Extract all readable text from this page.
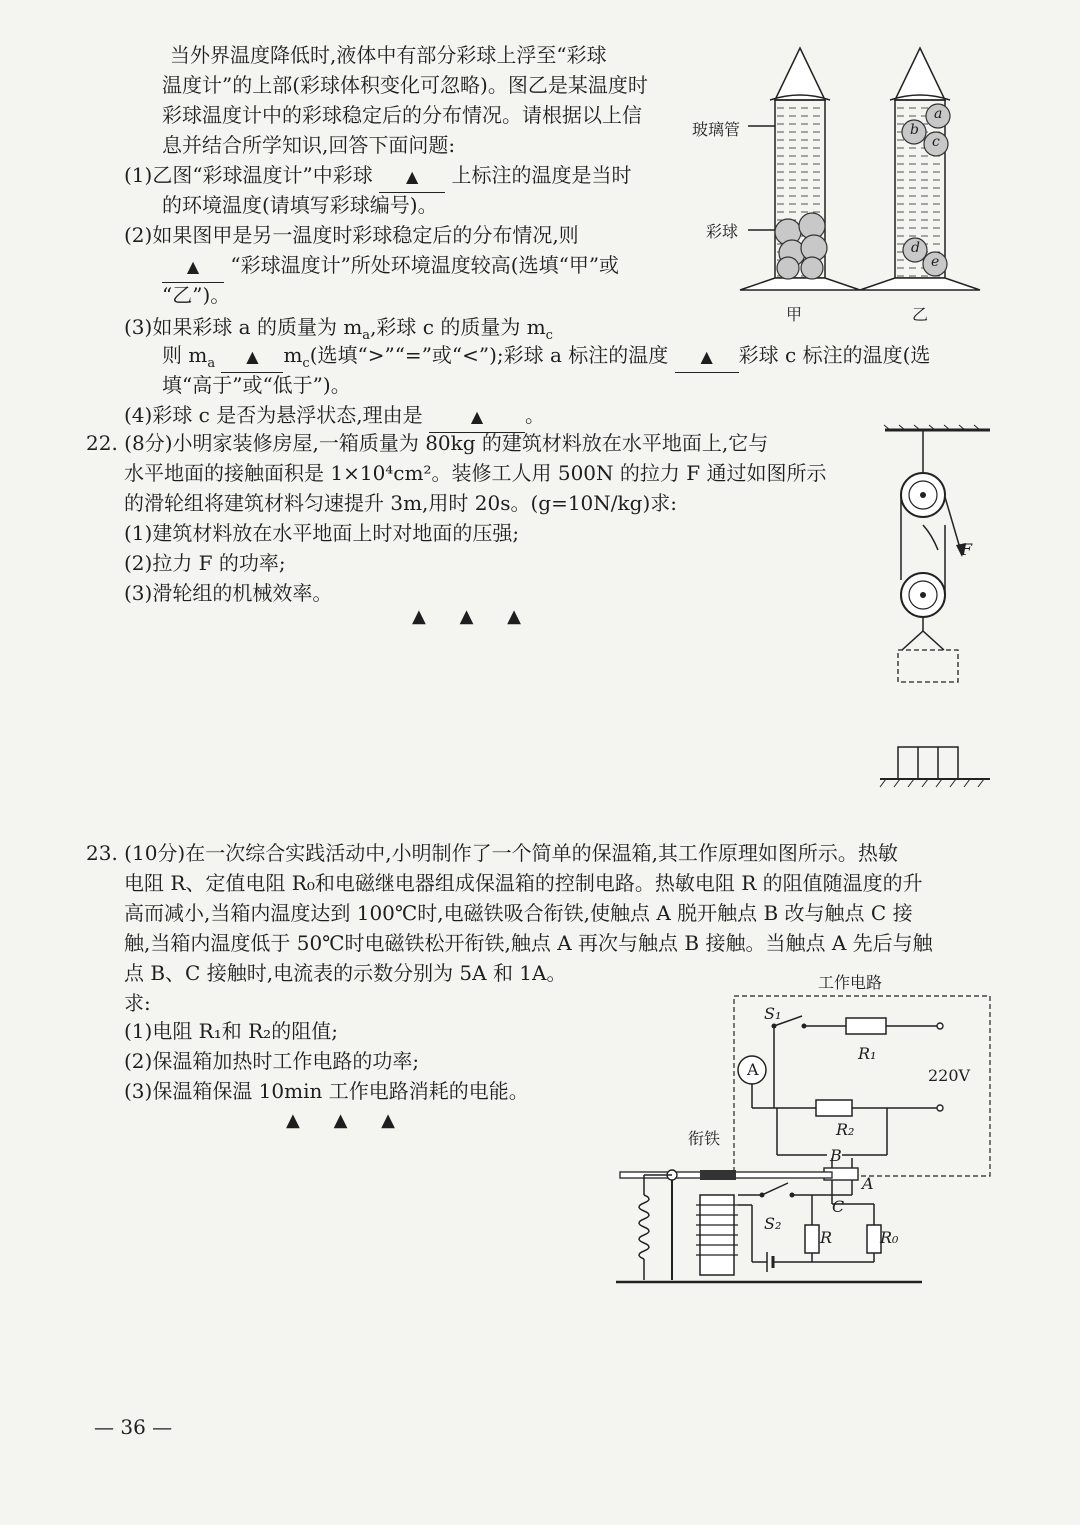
当外界温度降低时,液体中有部分彩球上浮至“彩球
温度计”的上部(彩球体积变化可忽略)。图乙是某温度时
彩球温度计中的彩球稳定后的分布情况。请根据以上信
息并结合所学知识,回答下面问题:
(1)乙图“彩球温度计”中彩球 ▲ 上标注的温度是当时
的环境温度(请填写彩球编号)。
(2)如果图甲是另一温度时彩球稳定后的分布情况,则
▲ “彩球温度计”所处环境温度较高(选填“甲”或
“乙”)。
(3)如果彩球 a 的质量为 $m_a$,彩球 c 的质量为 $m_c$
则 $m_a$ ▲ $m_c$(选填“>”“=”或“<”);彩球 a 标注的温度 ▲ 彩球 c 标注的温度(选
填“高于”或“低于”)。
(4)彩球 c 是否为悬浮状态,理由是	▲ 。
玻璃管
彩球
甲	乙
a
b
c
d
e
22. (8分)小明家装修房屋,一箱质量为 80kg 的建筑材料放在水平地面上,它与
水平地面的接触面积是 1×10⁴cm²。装修工人用 500N 的拉力 F 通过如图所示
的滑轮组将建筑材料匀速提升 3m,用时 20s。(g=10N/kg)求:
(1)建筑材料放在水平地面上时对地面的压强;
(2)拉力 F 的功率;
(3)滑轮组的机械效率。
▲ ▲ ▲
F
23. (10分)在一次综合实践活动中,小明制作了一个简单的保温箱,其工作原理如图所示。热敏
电阻 R、定值电阻 R₀和电磁继电器组成保温箱的控制电路。热敏电阻 R 的阻值随温度的升
高而减小,当箱内温度达到 100℃时,电磁铁吸合衔铁,使触点 A 脱开触点 B 改与触点 C 接
触,当箱内温度低于 50℃时电磁铁松开衔铁,触点 A 再次与触点 B 接触。当触点 A 先后与触
点 B、C 接触时,电流表的示数分别为 5A 和 1A。
求:
(1)电阻 R₁和 R₂的阻值;
(2)保温箱加热时工作电路的功率;
(3)保温箱保温 10min 工作电路消耗的电能。
▲ ▲ ▲
工作电路
S₁
R₁
220V
A
R₂
衔铁
B
A
C
S₂
R	R₀
— 36 —
